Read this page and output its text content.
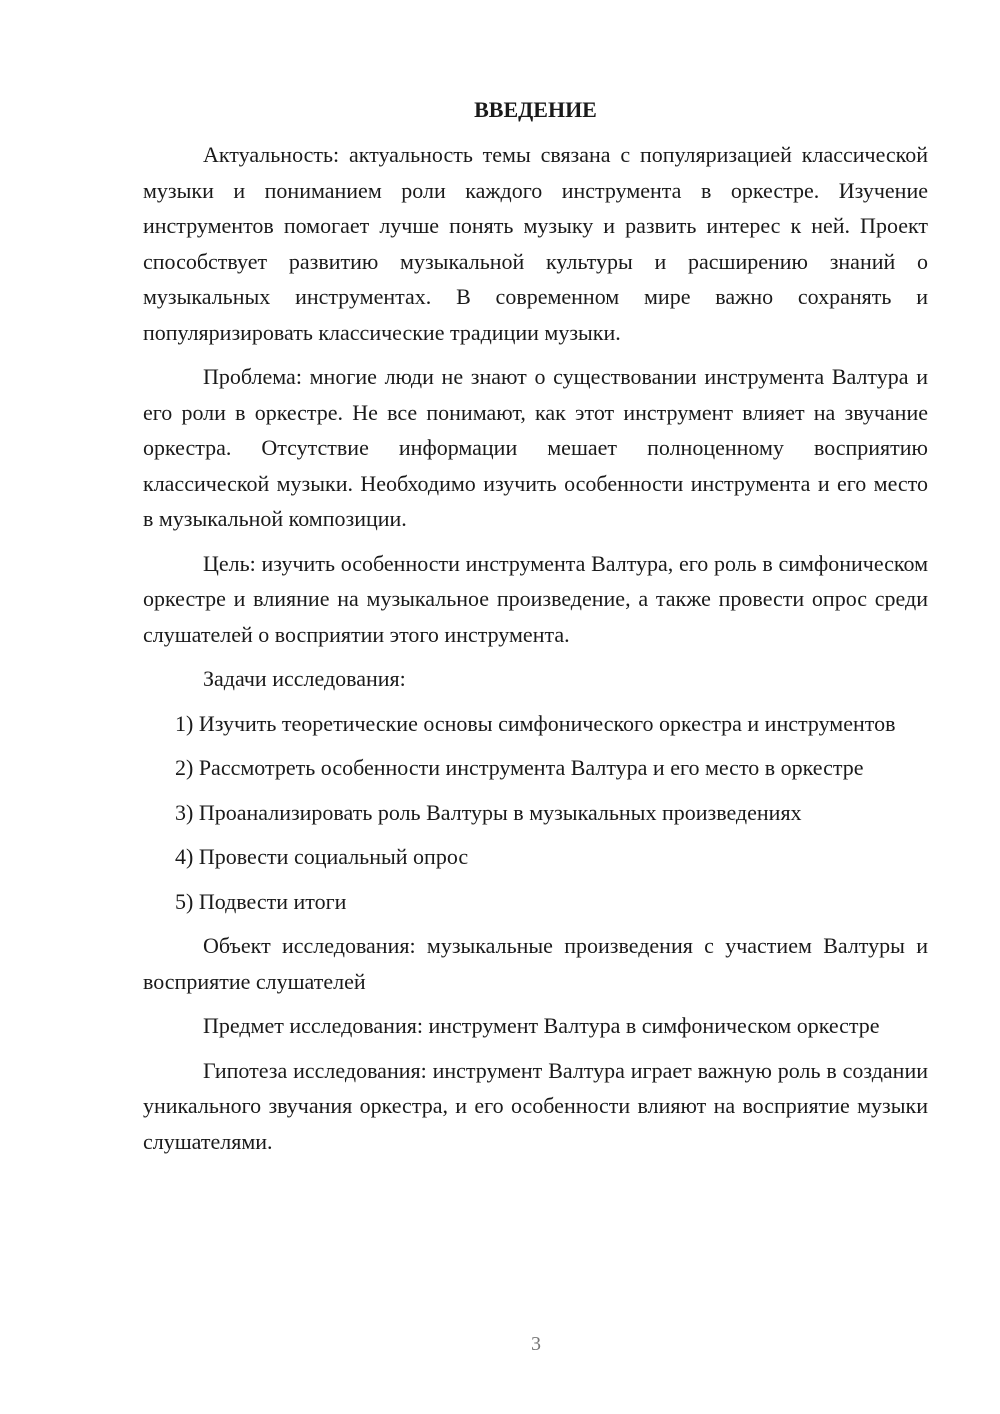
ВВЕДЕНИЕ

Актуальность: актуальность темы связана с популяризацией классической музыки и пониманием роли каждого инструмента в оркестре. Изучение инструментов помогает лучше понять музыку и развить интерес к ней. Проект способствует развитию музыкальной культуры и расширению знаний о музыкальных инструментах. В современном мире важно сохранять и популяризировать классические традиции музыки.

Проблема: многие люди не знают о существовании инструмента Валтура и его роли в оркестре. Не все понимают, как этот инструмент влияет на звучание оркестра. Отсутствие информации мешает полноценному восприятию классической музыки. Необходимо изучить особенности инструмента и его место в музыкальной композиции.

Цель: изучить особенности инструмента Валтура, его роль в симфоническом оркестре и влияние на музыкальное произведение, а также провести опрос среди слушателей о восприятии этого инструмента.

Задачи исследования:

1) Изучить теоретические основы симфонического оркестра и инструментов

2) Рассмотреть особенности инструмента Валтура и его место в оркестре

3) Проанализировать роль Валтуры в музыкальных произведениях

4) Провести социальный опрос

5) Подвести итоги

Объект исследования: музыкальные произведения с участием Валтуры и восприятие слушателей

Предмет исследования: инструмент Валтура в симфоническом оркестре

Гипотеза исследования: инструмент Валтура играет важную роль в создании уникального звучания оркестра, и его особенности влияют на восприятие музыки слушателями.

3
